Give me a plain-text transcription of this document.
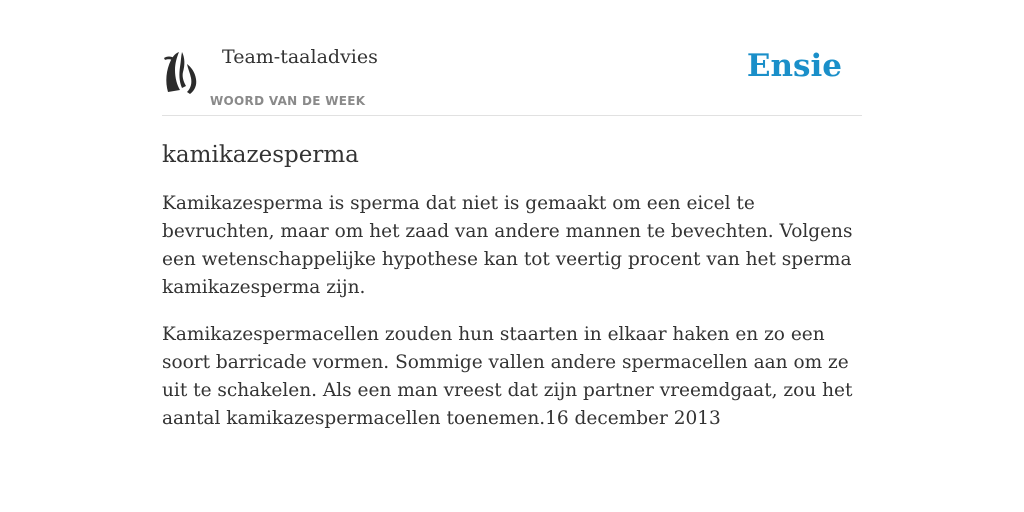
Team-taaladvies
WOORD VAN DE WEEK
Ensie
kamikazesperma

Kamikazesperma is sperma dat niet is gemaakt om een eicel te bevruchten, maar om het zaad van andere mannen te bevechten. Volgens een wetenschappelijke hypothese kan tot veertig procent van het sperma kamikazesperma zijn.

Kamikazespermacellen zouden hun staarten in elkaar haken en zo een soort barricade vormen. Sommige vallen andere spermacellen aan om ze uit te schakelen. Als een man vreest dat zijn partner vreemdgaat, zou het aantal kamikazespermacellen toenemen.16 december 2013
